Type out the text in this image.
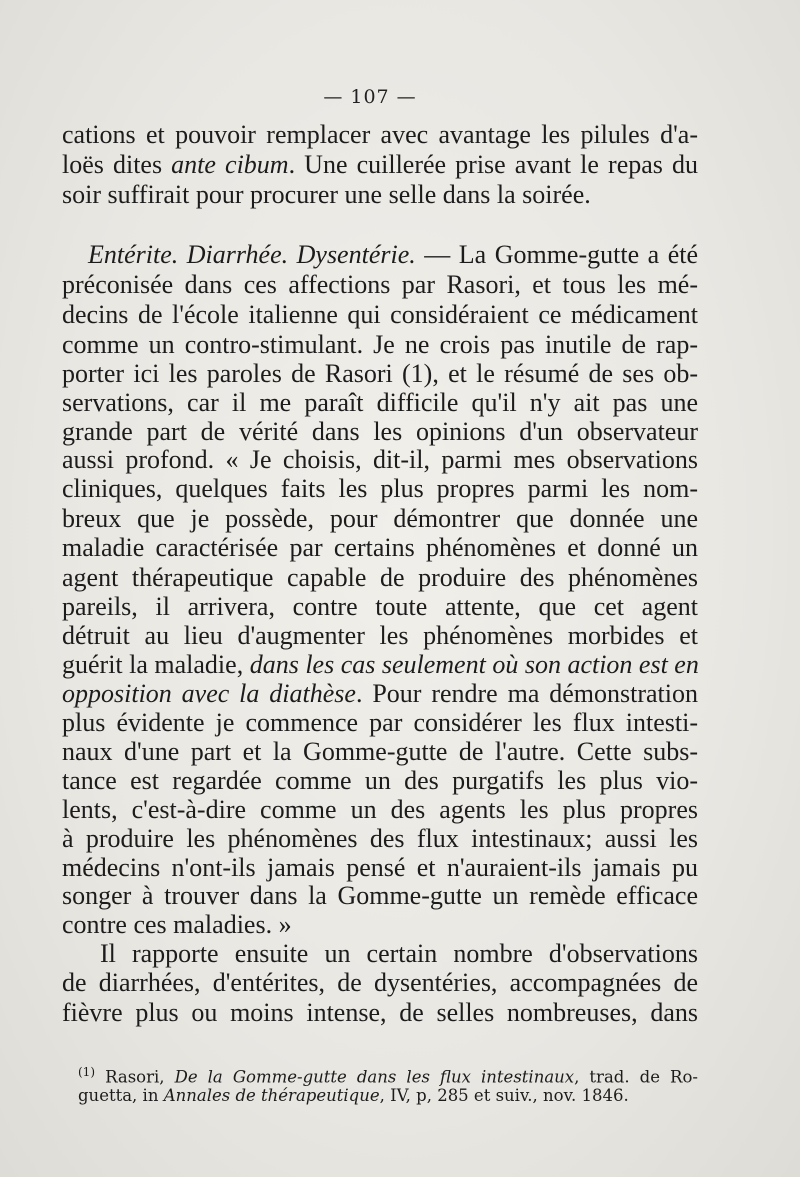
— 107 —
cations et pouvoir remplacer avec avantage les pilules d'a-
loës dites ante cibum. Une cuillerée prise avant le repas du
soir suffirait pour procurer une selle dans la soirée.
Entérite. Diarrhée. Dysentérie. — La Gomme-gutte a été
préconisée dans ces affections par Rasori, et tous les mé-
decins de l'école italienne qui considéraient ce médicament
comme un contro-stimulant. Je ne crois pas inutile de rap-
porter ici les paroles de Rasori (1), et le résumé de ses ob-
servations, car il me paraît difficile qu'il n'y ait pas une
grande part de vérité dans les opinions d'un observateur
aussi profond. « Je choisis, dit-il, parmi mes observations
cliniques, quelques faits les plus propres parmi les nom-
breux que je possède, pour démontrer que donnée une
maladie caractérisée par certains phénomènes et donné un
agent thérapeutique capable de produire des phénomènes
pareils, il arrivera, contre toute attente, que cet agent
détruit au lieu d'augmenter les phénomènes morbides et
guérit la maladie, dans les cas seulement où son action est en
opposition avec la diathèse. Pour rendre ma démonstration
plus évidente je commence par considérer les flux intesti-
naux d'une part et la Gomme-gutte de l'autre. Cette subs-
tance est regardée comme un des purgatifs les plus vio-
lents, c'est-à-dire comme un des agents les plus propres
à produire les phénomènes des flux intestinaux; aussi les
médecins n'ont-ils jamais pensé et n'auraient-ils jamais pu
songer à trouver dans la Gomme-gutte un remède efficace
contre ces maladies. »
Il rapporte ensuite un certain nombre d'observations
de diarrhées, d'entérites, de dysentéries, accompagnées de
fièvre plus ou moins intense, de selles nombreuses, dans
$^{(1)}$ Rasori, De la Gomme-gutte dans les flux intestinaux, trad. de Ro-
guetta, in Annales de thérapeutique, IV, p, 285 et suiv., nov. 1846.
